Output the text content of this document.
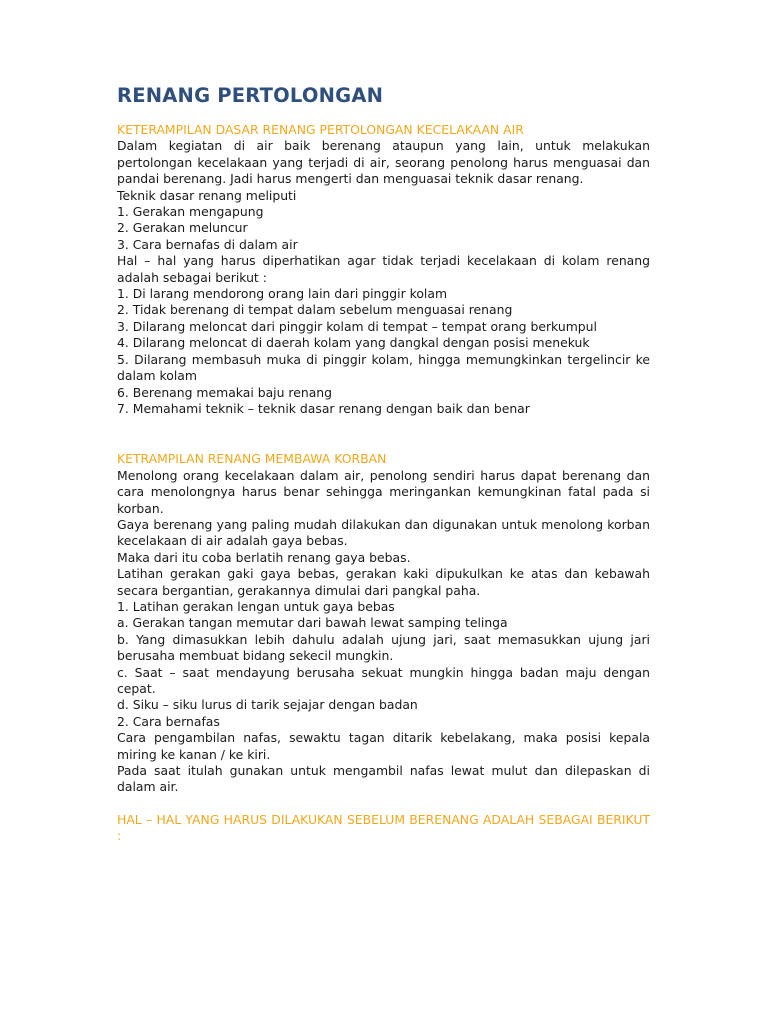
RENANG PERTOLONGAN

KETERAMPILAN DASAR RENANG PERTOLONGAN KECELAKAAN AIR

Dalam kegiatan di air baik berenang ataupun yang lain, untuk melakukan pertolongan kecelakaan yang terjadi di air, seorang penolong harus menguasai dan pandai berenang. Jadi harus mengerti dan menguasai teknik dasar renang.

Teknik dasar renang meliputi

1. Gerakan mengapung

2. Gerakan meluncur

3. Cara bernafas di dalam air

Hal – hal yang harus diperhatikan agar tidak terjadi kecelakaan di kolam renang adalah sebagai berikut :

1. Di larang mendorong orang lain dari pinggir kolam

2. Tidak berenang di tempat dalam sebelum menguasai renang

3. Dilarang meloncat dari pinggir kolam di tempat – tempat orang berkumpul

4. Dilarang meloncat di daerah kolam yang dangkal dengan posisi menekuk

5. Dilarang membasuh muka di pinggir kolam, hingga memungkinkan tergelincir ke dalam kolam

6. Berenang memakai baju renang

7. Memahami teknik – teknik dasar renang dengan baik dan benar

KETRAMPILAN RENANG MEMBAWA KORBAN

Menolong orang kecelakaan dalam air, penolong sendiri harus dapat berenang dan cara menolongnya harus benar sehingga meringankan kemungkinan fatal pada si korban.

Gaya berenang yang paling mudah dilakukan dan digunakan untuk menolong korban kecelakaan di air adalah gaya bebas.

Maka dari itu coba berlatih renang gaya bebas.

Latihan gerakan gaki gaya bebas, gerakan kaki dipukulkan ke atas dan kebawah secara bergantian, gerakannya dimulai dari pangkal paha.

1. Latihan gerakan lengan untuk gaya bebas

a. Gerakan tangan memutar dari bawah lewat samping telinga

b. Yang dimasukkan lebih dahulu adalah ujung jari, saat memasukkan ujung jari berusaha membuat bidang sekecil mungkin.

c. Saat – saat mendayung berusaha sekuat mungkin hingga badan maju dengan cepat.

d. Siku – siku lurus di tarik sejajar dengan badan

2. Cara bernafas

Cara pengambilan nafas, sewaktu tagan ditarik kebelakang, maka posisi kepala miring ke kanan / ke kiri.

Pada saat itulah gunakan untuk mengambil nafas lewat mulut dan dilepaskan di dalam air.

HAL – HAL YANG HARUS DILAKUKAN SEBELUM BERENANG ADALAH SEBAGAI BERIKUT :
